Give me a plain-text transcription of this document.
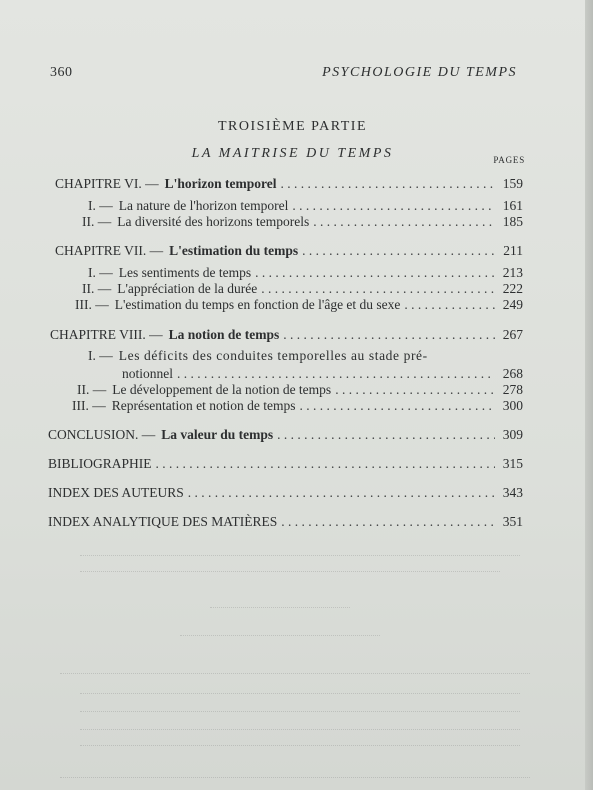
360	PSYCHOLOGIE DU TEMPS
TROISIÈME PARTIE
LA MAITRISE DU TEMPS	PAGES
CHAPITRE VI. — L'horizon temporel . . .	159
I. — La nature de l'horizon temporel . . .	161
II. — La diversité des horizons temporels . . .	185
CHAPITRE VII. — L'estimation du temps . . .	211
I. — Les sentiments de temps . . .	213
II. — L'appréciation de la durée . . .	222
III. — L'estimation du temps en fonction de l'âge et du sexe . . .	249
CHAPITRE VIII. — La notion de temps . . .	267
I. — Les déficits des conduites temporelles au stade pré-
notionnel . . .	268
II. — Le développement de la notion de temps . . .	278
III. — Représentation et notion de temps . . .	300
CONCLUSION. — La valeur du temps . . .	309
BIBLIOGRAPHIE . . .	315
INDEX DES AUTEURS . . .	343
INDEX ANALYTIQUE DES MATIÈRES . . .	351
